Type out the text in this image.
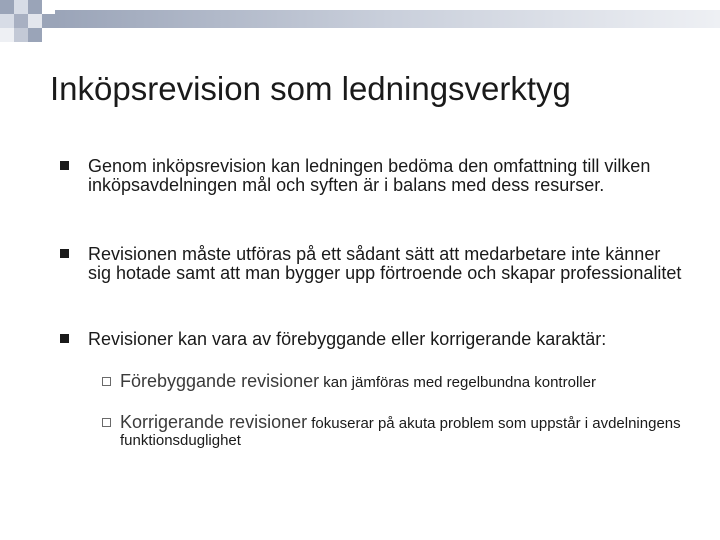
Inköpsrevision som ledningsverktyg
Genom inköpsrevision kan ledningen bedöma den omfattning till vilken inköpsavdelningen mål och syften är i balans med dess resurser.
Revisionen måste utföras på ett sådant sätt att medarbetare inte känner sig hotade samt att man bygger upp förtroende och skapar professionalitet
Revisioner kan vara av förebyggande eller korrigerande karaktär:
Förebyggande revisioner kan jämföras med regelbundna kontroller
Korrigerande revisioner fokuserar på akuta problem som uppstår i avdelningens funktionsduglighet
